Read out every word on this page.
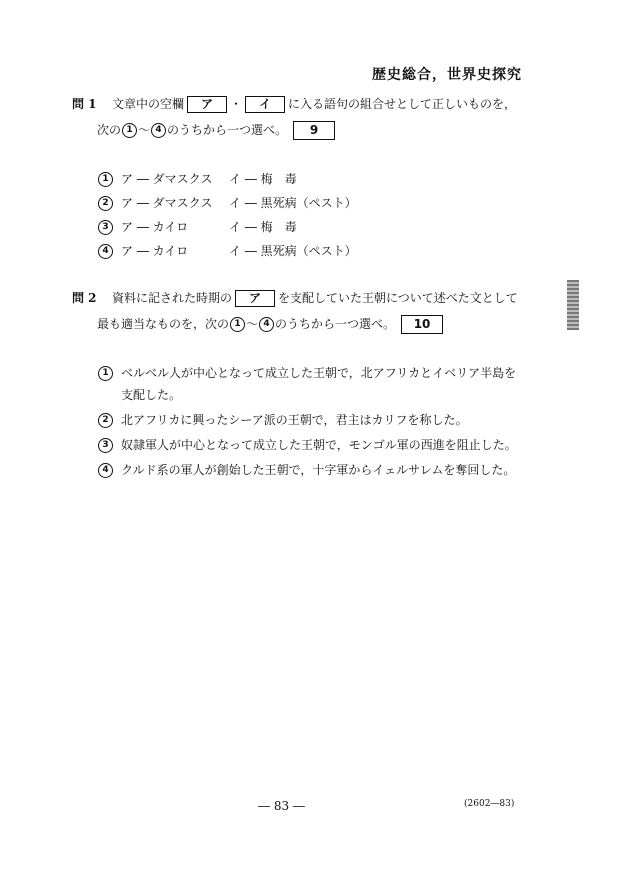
歴史総合，世界史探究
問 1 文章中の空欄 ア ・ イ に入る語句の組合せとして正しいものを，
次の 1 〜 4 のうちから一つ選べ。 9
1 ア ― ダマスクス イ ― 梅　毒
2 ア ― ダマスクス イ ― 黒死病（ペスト）
3 ア ― カイロ	イ ― 梅　毒
4 ア ― カイロ	イ ― 黒死病（ペスト）
問 2 資料に記された時期の ア を支配していた王朝について述べた文として
最も適当なものを，次の 1 〜 4 のうちから一つ選べ。 10
1 ベルベル人が中心となって成立した王朝で，北アフリカとイベリア半島を
支配した。
2 北アフリカに興ったシーア派の王朝で，君主はカリフを称した。
3 奴隷軍人が中心となって成立した王朝で，モンゴル軍の西進を阻止した。
4 クルド系の軍人が創始した王朝で，十字軍からイェルサレムを奪回した。
― 83 ―	(2602―83)
